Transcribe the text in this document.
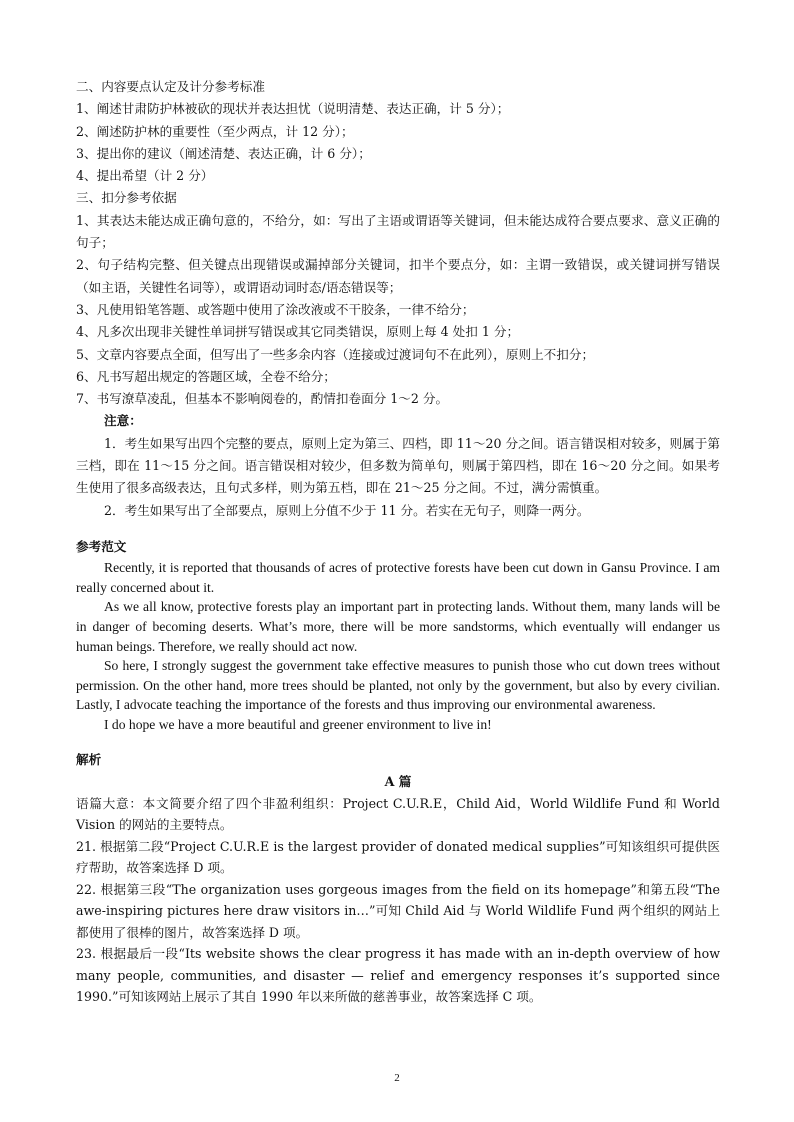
二、内容要点认定及计分参考标准
1、阐述甘肃防护林被砍的现状并表达担忧（说明清楚、表达正确，计 5 分）；
2、阐述防护林的重要性（至少两点，计 12 分）；
3、提出你的建议（阐述清楚、表达正确，计 6 分）；
4、提出希望（计 2 分）
三、扣分参考依据
1、其表达未能达成正确句意的，不给分，如：写出了主语或谓语等关键词，但未能达成符合要点要求、意义正确的句子；
2、句子结构完整、但关键点出现错误或漏掉部分关键词，扣半个要点分，如：主谓一致错误，或关键词拼写错误（如主语，关键性名词等），或谓语动词时态/语态错误等；
3、凡使用铅笔答题、或答题中使用了涂改液或不干胶条，一律不给分；
4、凡多次出现非关键性单词拼写错误或其它同类错误，原则上每 4 处扣 1 分；
5、文章内容要点全面，但写出了一些多余内容（连接或过渡词句不在此列），原则上不扣分；
6、凡书写超出规定的答题区域，全卷不给分；
7、书写潦草凌乱，但基本不影响阅卷的，酌情扣卷面分 1～2 分。
注意：
1．考生如果写出四个完整的要点，原则上定为第三、四档，即 11～20 分之间。语言错误相对较多，则属于第三档，即在 11～15 分之间。语言错误相对较少，但多数为简单句，则属于第四档，即在 16～20 分之间。如果考生使用了很多高级表达，且句式多样，则为第五档，即在 21～25 分之间。不过，满分需慎重。
2．考生如果写出了全部要点，原则上分值不少于 11 分。若实在无句子，则降一两分。
参考范文
Recently, it is reported that thousands of acres of protective forests have been cut down in Gansu Province. I am really concerned about it.
As we all know, protective forests play an important part in protecting lands. Without them, many lands will be in danger of becoming deserts. What’s more, there will be more sandstorms, which eventually will endanger us human beings. Therefore, we really should act now.
So here, I strongly suggest the government take effective measures to punish those who cut down trees without permission. On the other hand, more trees should be planted, not only by the government, but also by every civilian. Lastly, I advocate teaching the importance of the forests and thus improving our environmental awareness.
I do hope we have a more beautiful and greener environment to live in!
解析
A 篇
语篇大意：本文简要介绍了四个非盈利组织：Project C.U.R.E，Child Aid，World Wildlife Fund 和 World Vision 的网站的主要特点。
21. 根据第二段“Project C.U.R.E is the largest provider of donated medical supplies”可知该组织可提供医疗帮助，故答案选择 D 项。
22. 根据第三段“The organization uses gorgeous images from the field on its homepage”和第五段“The awe-inspiring pictures here draw visitors in…”可知 Child Aid 与 World Wildlife Fund 两个组织的网站上都使用了很棒的图片，故答案选择 D 项。
23. 根据最后一段“Its website shows the clear progress it has made with an in-depth overview of how many people, communities, and disaster — relief and emergency responses it’s supported since 1990.”可知该网站上展示了其自 1990 年以来所做的慈善事业，故答案选择 C 项。
2
